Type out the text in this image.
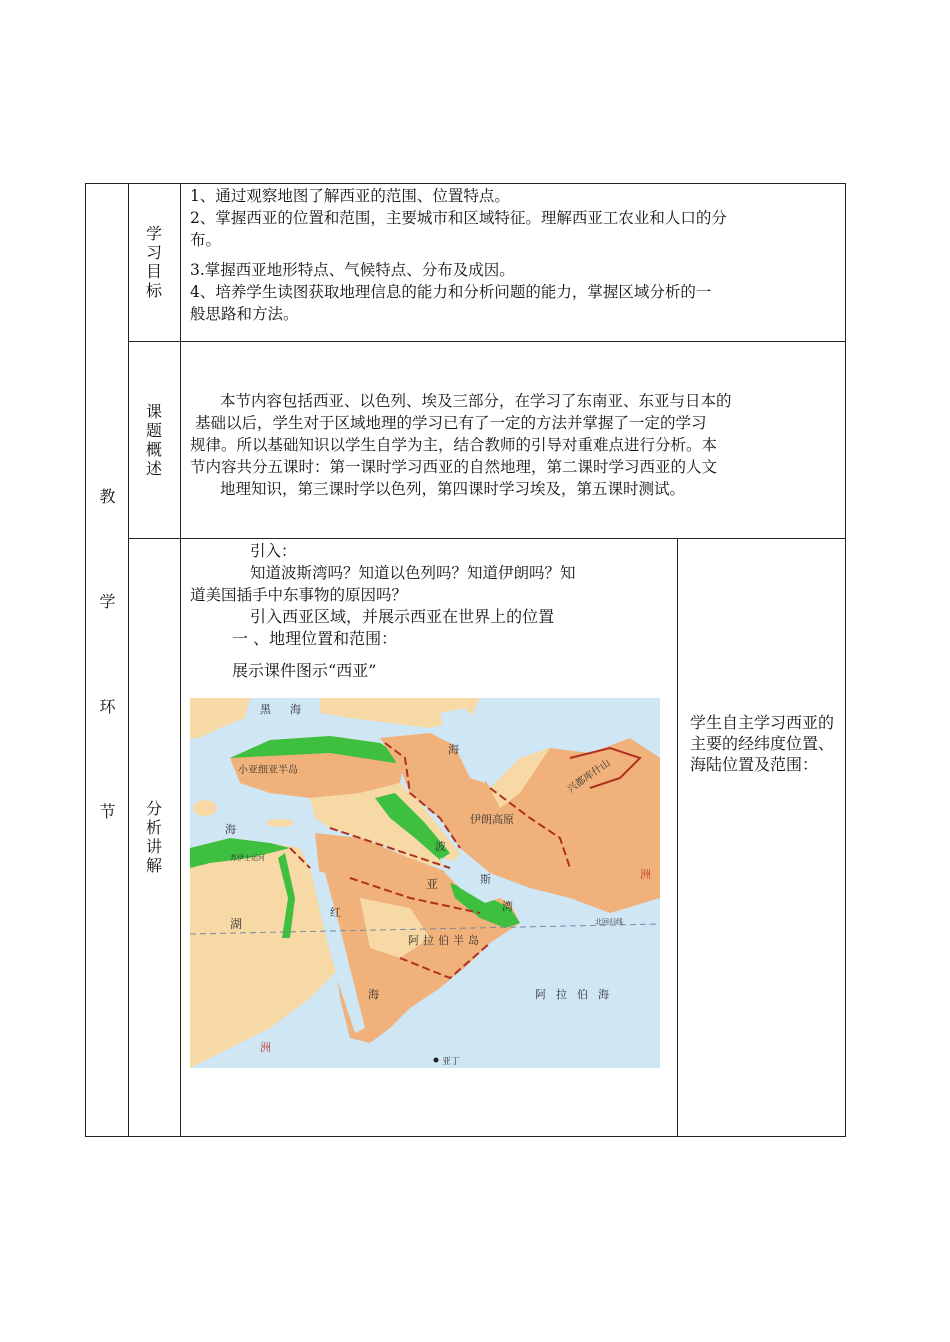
教
学
环
节
学习目标
课题概述
分析讲解

1、通过观察地图了解西亚的范围、位置特点。

2、掌握西亚的位置和范围，主要城市和区域特征。理解西亚工农业和人口的分

布。

3.掌握西亚地形特点、气候特点、分布及成因。

4、培养学生读图获取地理信息的能力和分析问题的能力，掌握区域分析的一

般思路和方法。

本节内容包括西亚、以色列、埃及三部分，在学习了东南亚、东亚与日本的

基础以后，学生对于区域地理的学习已有了一定的方法并掌握了一定的学习

规律。所以基础知识以学生自学为主，结合教师的引导对重难点进行分析。本

节内容共分五课时：第一课时学习西亚的自然地理，第二课时学习西亚的人文

地理知识，第三课时学以色列，第四课时学习埃及，第五课时测试。

引入：

知道波斯湾吗？知道以色列吗？知道伊朗吗？知

道美国插手中东事物的原因吗？

引入西亚区域，并展示西亚在世界上的位置

一 、地理位置和范围：

展示课件图示“西亚”

学生自主学习西亚的主要的经纬度位置、海陆位置及范围：
黑 海
海
小亚细亚半岛
海
苏伊士运河
伊朗高原
兴都库什山
波
斯
湾
亚
阿拉伯半岛
红
海
北回归线
阿拉伯海
湖
洲
洲
亚丁
